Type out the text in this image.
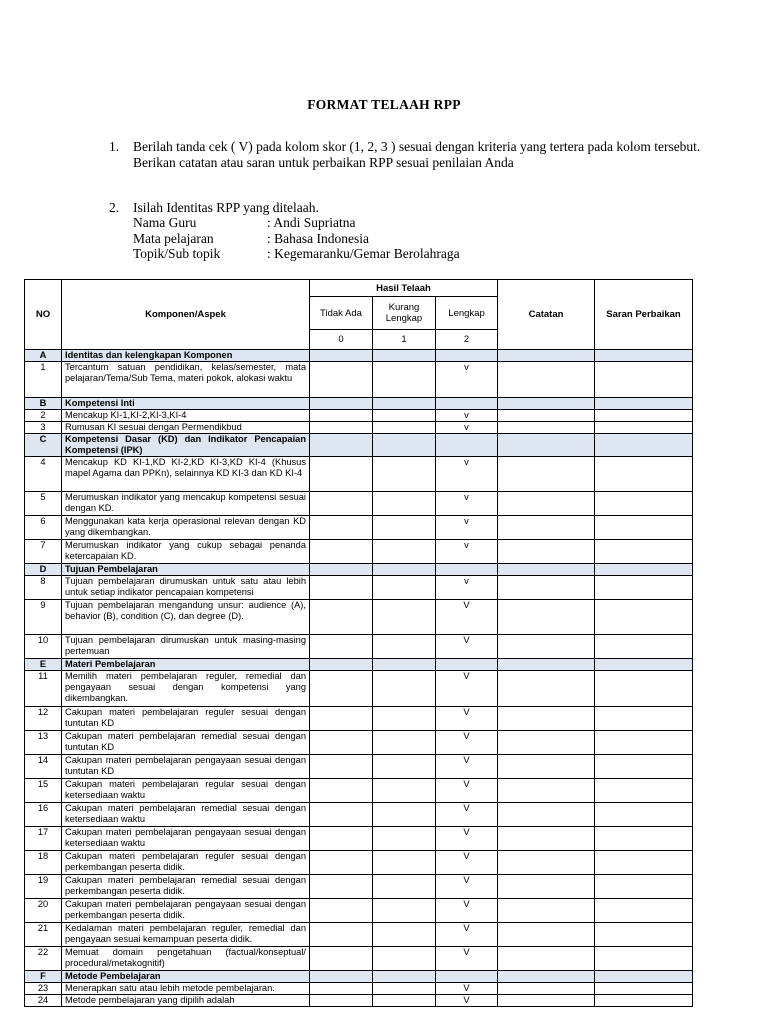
FORMAT TELAAH RPP
1.	Berilah tanda cek ( V) pada kolom skor (1, 2, 3 ) sesuai dengan kriteria yang tertera pada kolom tersebut. Berikan catatan atau saran untuk perbaikan RPP sesuai penilaian Anda
2.	Isilah Identitas RPP yang ditelaah.
Nama Guru	: Andi Supriatna
Mata pelajaran	: Bahasa Indonesia
Topik/Sub topik	: Kegemaranku/Gemar Berolahraga
NO	Komponen/Aspek	Hasil Telaah			Catatan	Saran Perbaikan
		Tidak Ada	Kurang Lengkap	Lengkap		
		0	1	2		
A	Identitas dan kelengkapan Komponen					
1	Tercantum satuan pendidikan, kelas/semester, mata pelajaran/Tema/Sub Tema, materi pokok, alokasi waktu			v		
B	Kompetensi Inti					
2	Mencakup KI-1,KI-2,KI-3,KI-4			v		
3	Rumusan KI sesuai dengan Permendikbud			v		
C	Kompetensi Dasar (KD) dan Indikator Pencapaian Kompetensi (IPK)					
4	Mencakup KD KI-1,KD KI-2,KD KI-3,KD KI-4 (Khusus mapel Agama dan PPKn), selainnya KD KI-3 dan KD KI-4			v		
5	Merumuskan indikator yang mencakup kompetensi sesuai dengan KD.			v		
6	Menggunakan kata kerja operasional relevan dengan KD yang dikembangkan.			v		
7	Merumuskan indikator yang cukup sebagai penanda ketercapaian KD.			v		
D	Tujuan Pembelajaran					
8	Tujuan pembelajaran dirumuskan untuk satu atau lebih untuk setiap indikator pencapaian kompetensi			v		
9	Tujuan pembelajaran mengandung unsur: audience (A), behavior (B), condition (C), dan degree (D).			V		
10	Tujuan pembelajaran dirumuskan untuk masing-masing pertemuan			V		
E	Materi Pembelajaran					
11	Memilih materi pembelajaran reguler, remedial dan pengayaan sesuai dengan kompetensi yang dikembangkan.			V		
12	Cakupan materi pembelajaran reguler sesuai dengan tuntutan KD			V		
13	Cakupan materi pembelajaran remedial sesuai dengan tuntutan KD			V		
14	Cakupan materi pembelajaran pengayaan sesuai dengan tuntutan KD			V		
15	Cakupan materi pembelajaran regular sesuai dengan ketersediaan waktu			V		
16	Cakupan materi pembelajaran remedial sesuai dengan ketersediaan waktu			V		
17	Cakupan materi pembelajaran pengayaan sesuai dengan ketersediaan waktu			V		
18	Cakupan materi pembelajaran reguler sesuai dengan perkembangan peserta didik.			V		
19	Cakupan materi pembelajaran remedial sesuai dengan perkembangan peserta didik.			V		
20	Cakupan materi pembelajaran pengayaan sesuai dengan perkembangan peserta didik.			V		
21	Kedalaman materi pembelajaran reguler, remedial dan pengayaan sesuai kemampuan peserta didik.			V		
22	Memuat domain pengetahuan (factual/konseptual/ procedural/metakognitif)			V		
F	Metode Pembelajaran					
23	Menerapkan satu atau lebih metode pembelajaran.			V		
24	Metode pembelajaran yang dipilih adalah			V		
